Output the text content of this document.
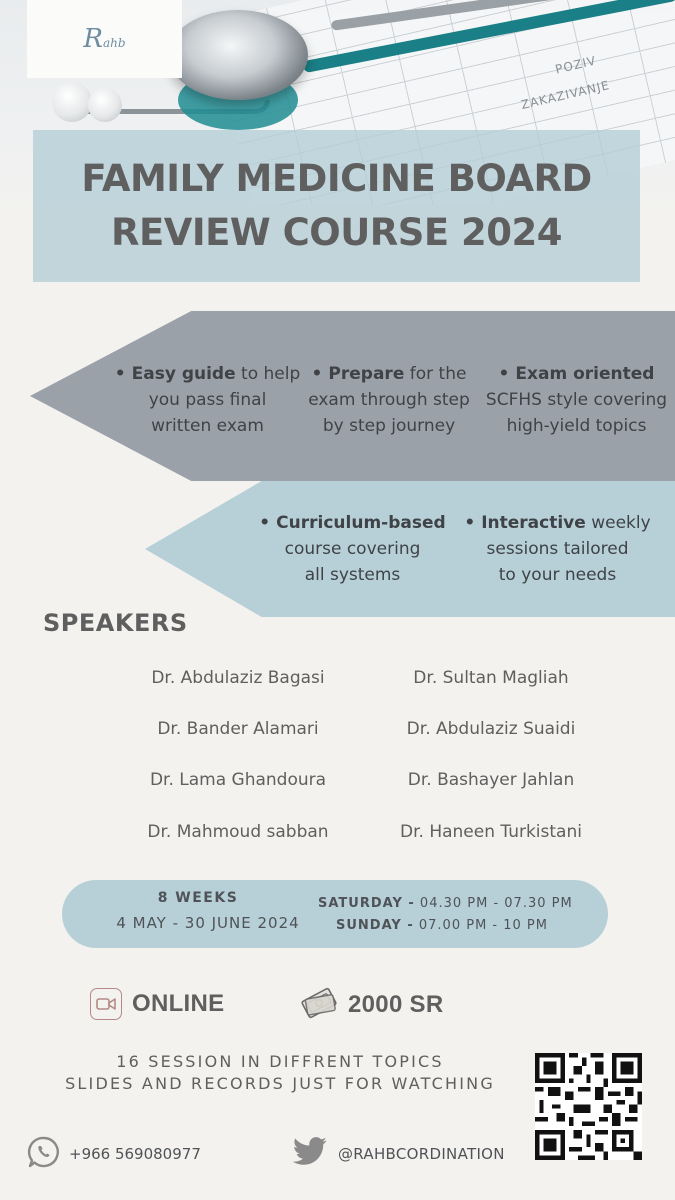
ZAKAZIVANJE
POZIV
Rahb
FAMILY MEDICINE BOARD
REVIEW COURSE 2024
• Easy guide to help
you pass final
written exam
• Prepare for the
exam through step
by step journey
• Exam oriented
SCFHS style covering
high-yield topics
• Curriculum-based
course covering
all systems
• Interactive weekly
sessions tailored
to your needs
SPEAKERS
Dr. Abdulaziz Bagasi
Dr. Bander Alamari
Dr. Lama Ghandoura
Dr. Mahmoud sabban
Dr. Sultan Magliah
Dr. Abdulaziz Suaidi
Dr. Bashayer Jahlan
Dr. Haneen Turkistani
8 WEEKS
4 MAY - 30 JUNE 2024
SATURDAY - 04.30 PM - 07.30 PM
SUNDAY - 07.00 PM - 10 PM
ONLINE	2000 SR
16 SESSION IN DIFFRENT TOPICS
SLIDES AND RECORDS JUST FOR WATCHING
+966 569080977	@RAHBCORDINATION
